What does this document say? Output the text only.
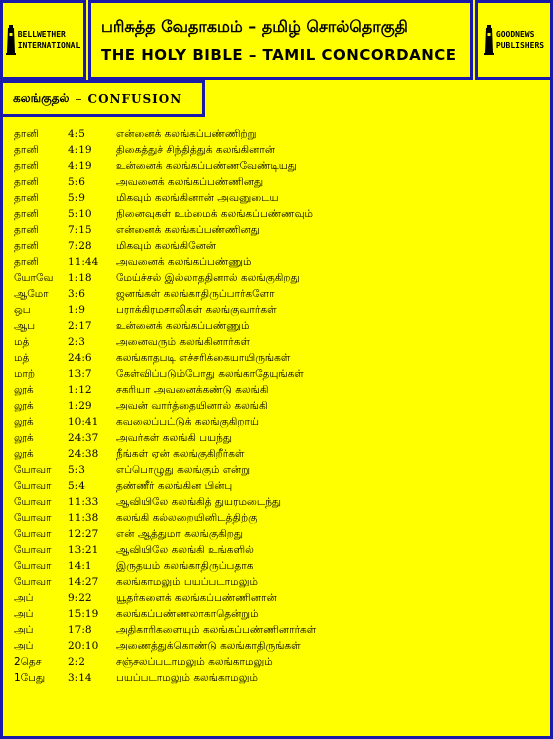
BELLWETHER
INTERNATIONAL
பரிசுத்த வேதாகமம் – தமிழ் சொல்தொகுதி
THE HOLY BIBLE – TAMIL CONCORDANCE
GOODNEWS
PUBLISHERS
கலங்குதல் – CONFUSION
தானி	4:5	என்னைக் கலங்கப்பண்ணிற்று
தானி	4:19	திகைத்துச் சிந்தித்துக் கலங்கினான்
தானி	4:19	உன்னைக் கலங்கப்பண்ணவேண்டியது
தானி	5:6	அவனைக் கலங்கப்பண்ணினது
தானி	5:9	மிகவும் கலங்கினான் அவனுடைய
தானி	5:10	நினைவுகள் உம்மைக் கலங்கப்பண்ணவும்
தானி	7:15	என்னைக் கலங்கப்பண்ணினது
தானி	7:28	மிகவும் கலங்கினேன்
தானி	11:44	அவனைக் கலங்கப்பண்ணும்
யோவே	1:18	மேய்ச்சல் இல்லாததினால் கலங்குகிறது
ஆமோ	3:6	ஜனங்கள் கலங்காதிருப்பார்களோ
ஒப	1:9	பராக்கிரமசாலிகள் கலங்குவார்கள்
ஆப	2:17	உன்னைக் கலங்கப்பண்ணும்
மத்	2:3	அனைவரும் கலங்கினார்கள்
மத்	24:6	கலங்காதபடி எச்சரிக்கையாயிருங்கள்
மாற்	13:7	கேள்விப்படும்போது கலங்காதேயுங்கள்
லூக்	1:12	சகரியா அவனைக்கண்டு கலங்கி
லூக்	1:29	அவன் வார்த்தையினால் கலங்கி
லூக்	10:41	கவலைப்பட்டுக் கலங்குகிறாய்
லூக்	24:37	அவர்கள் கலங்கி பயந்து
லூக்	24:38	நீங்கள் ஏன் கலங்குகிறீர்கள்
யோவா	5:3	எப்பொழுது கலங்கும் என்று
யோவா	5:4	தண்ணீர் கலங்கின பின்பு
யோவா	11:33	ஆவியிலே கலங்கித் துயரமடைந்து
யோவா	11:38	கலங்கி கல்லறையினிடத்திற்கு
யோவா	12:27	என் ஆத்துமா கலங்குகிறது
யோவா	13:21	ஆவியிலே கலங்கி உங்களில்
யோவா	14:1	இருதயம் கலங்காதிருப்பதாக
யோவா	14:27	கலங்காமலும் பயப்படாமலும்
அப்	9:22	யூதர்களைக் கலங்கப்பண்ணினான்
அப்	15:19	கலங்கப்பண்ணலாகாதென்றும்
அப்	17:8	அதிகாரிகளையும் கலங்கப்பண்ணினார்கள்
அப்	20:10	அணைத்துக்கொண்டு கலங்காதிருங்கள்
2தெச	2:2	சஞ்சலப்படாமலும் கலங்காமலும்
1பேது	3:14	பயப்படாமலும் கலங்காமலும்
